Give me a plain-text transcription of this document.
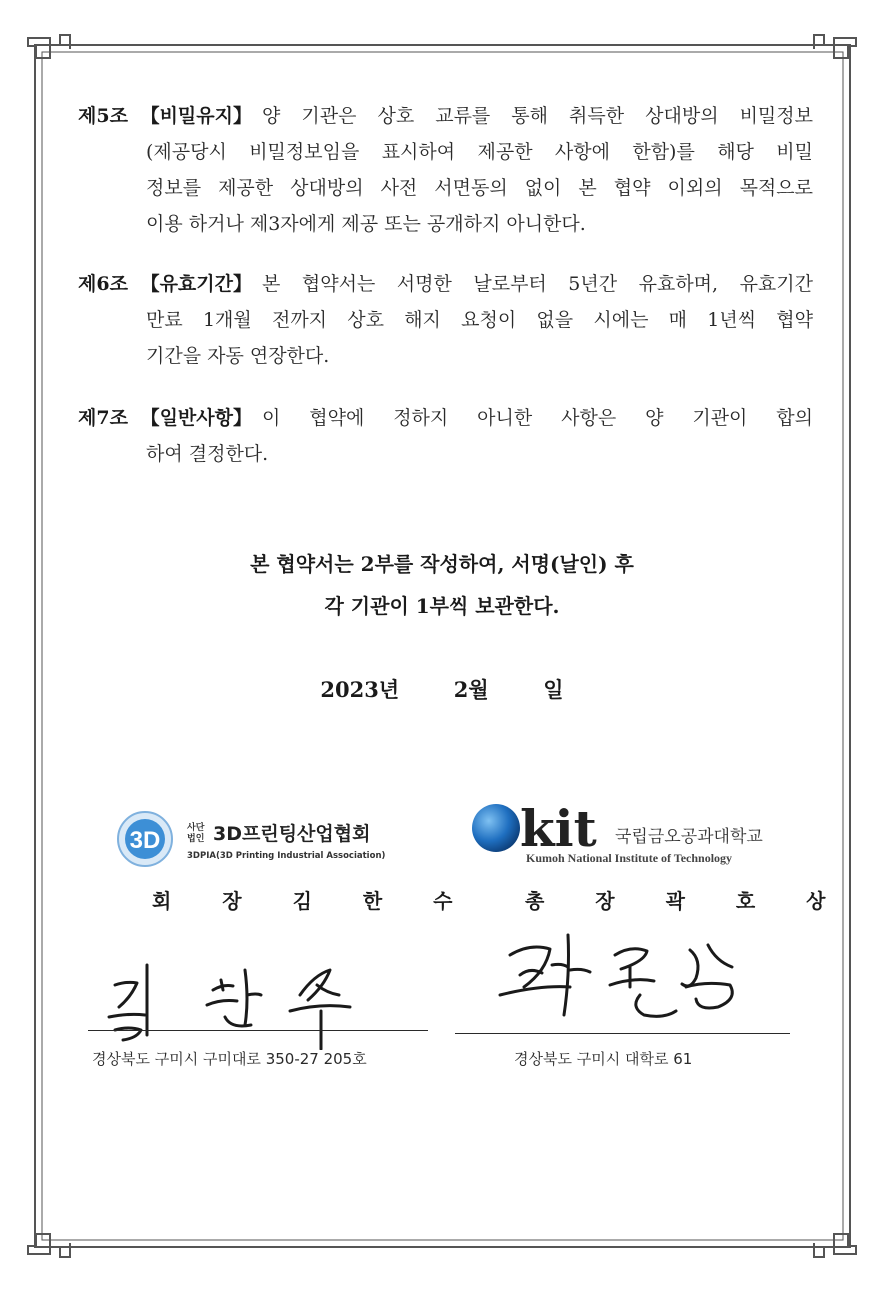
제5조 【비밀유지】 양 기관은 상호 교류를 통해 취득한 상대방의 비밀정보
(제공당시 비밀정보임을 표시하여 제공한 사항에 한함)를 해당 비밀
정보를 제공한 상대방의 사전 서면동의 없이 본 협약 이외의 목적으로
이용 하거나 제3자에게 제공 또는 공개하지 아니한다.
제6조 【유효기간】 본 협약서는 서명한 날로부터 5년간 유효하며, 유효기간
만료 1개월 전까지 상호 해지 요청이 없을 시에는 매 1년씩 협약
기간을 자동 연장한다.
제7조 【일반사항】 이 협약에 정하지 아니한 사항은 양 기관이 합의
하여 결정한다.
본 협약서는 2부를 작성하여, 서명(날인) 후
각 기관이 1부씩 보관한다.
2023년	2월	일
3D	사단
법인 3D프린팅산업협회
3DPIA(3D Printing Industrial Association)	kit 국립금오공과대학교
Kumoh National Institute of Technology
회 장 김 한 수	총 장 곽 호 상
경상북도 구미시 구미대로 350-27 205호	경상북도 구미시 대학로 61
